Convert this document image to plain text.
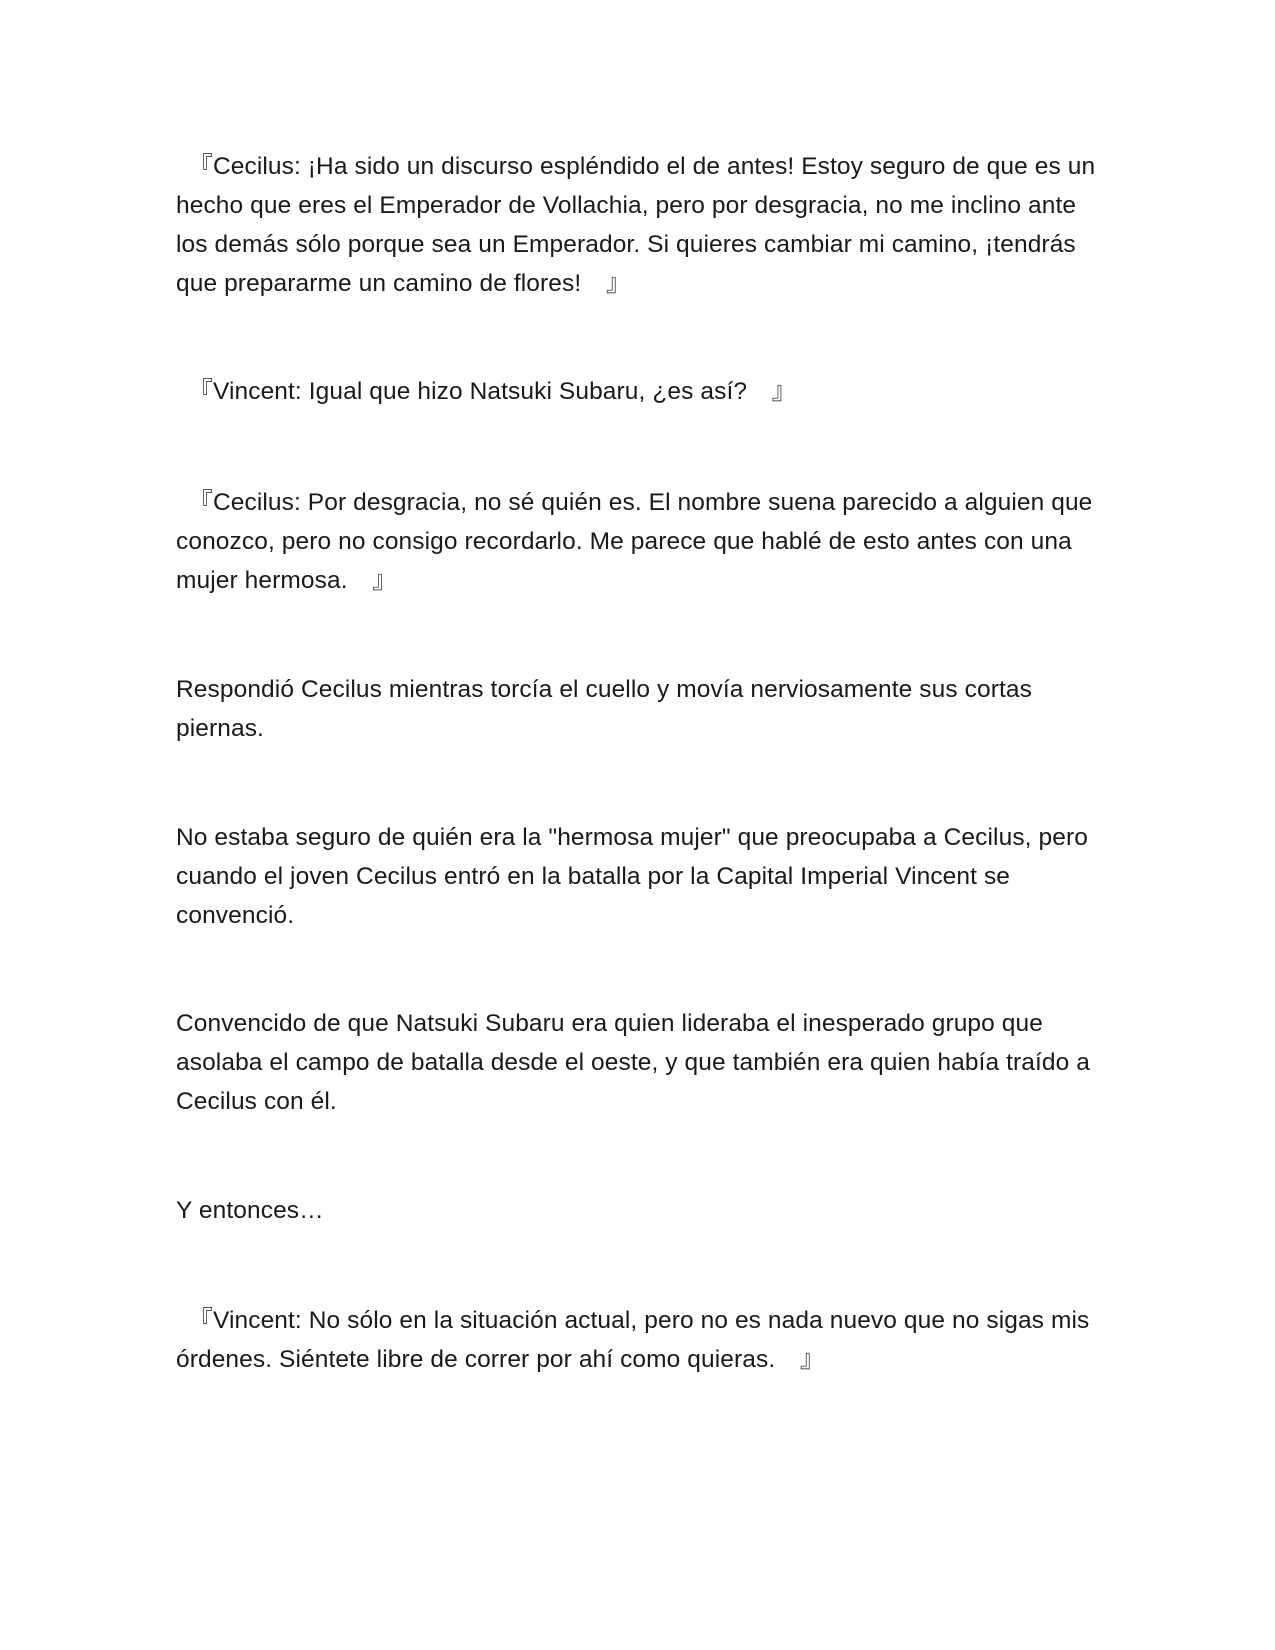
　『Cecilus: ¡Ha sido un discurso espléndido el de antes! Estoy seguro de que es un hecho que eres el Emperador de Vollachia, pero por desgracia, no me inclino ante los demás sólo porque sea un Emperador. Si quieres cambiar mi camino, ¡tendrás que prepararme un camino de flores!　』

　『Vincent: Igual que hizo Natsuki Subaru, ¿es así?　』

　『Cecilus: Por desgracia, no sé quién es. El nombre suena parecido a alguien que conozco, pero no consigo recordarlo. Me parece que hablé de esto antes con una mujer hermosa.　』

Respondió Cecilus mientras torcía el cuello y movía nerviosamente sus cortas piernas.

No estaba seguro de quién era la "hermosa mujer" que preocupaba a Cecilus, pero cuando el joven Cecilus entró en la batalla por la Capital Imperial Vincent se convenció.

Convencido de que Natsuki Subaru era quien lideraba el inesperado grupo que asolaba el campo de batalla desde el oeste, y que también era quien había traído a Cecilus con él.

Y entonces…

　『Vincent: No sólo en la situación actual, pero no es nada nuevo que no sigas mis órdenes. Siéntete libre de correr por ahí como quieras.　』
